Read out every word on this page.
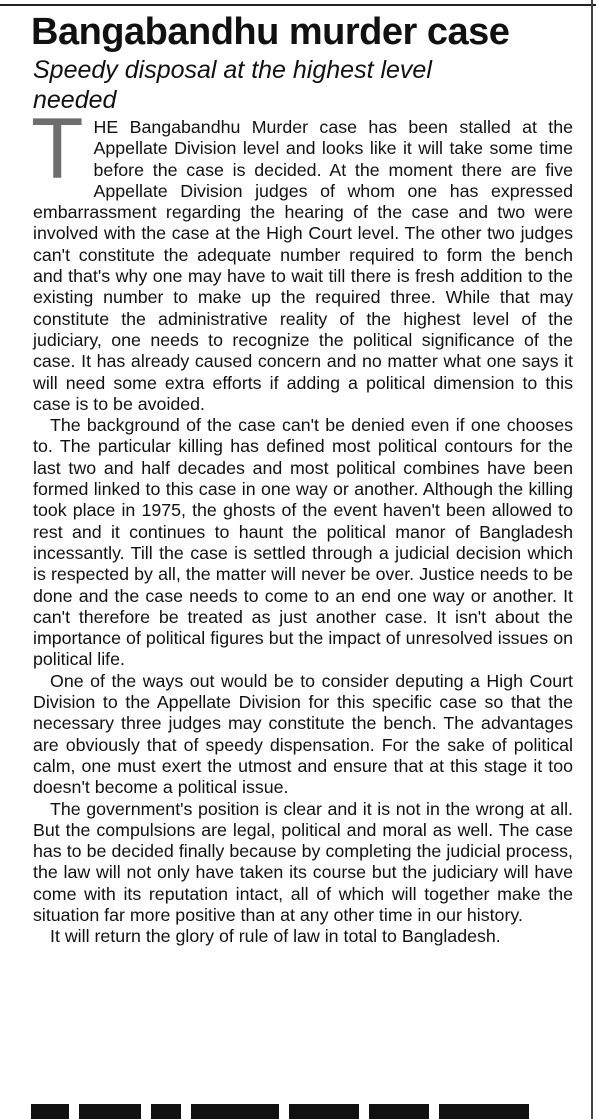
Bangabandhu murder case
Speedy disposal at the highest level needed

THE Bangabandhu Murder case has been stalled at the Appellate Division level and looks like it will take some time before the case is decided. At the moment there are five Appellate Division judges of whom one has expressed embarrassment regarding the hearing of the case and two were involved with the case at the High Court level. The other two judges can't constitute the adequate number required to form the bench and that's why one may have to wait till there is fresh addition to the existing number to make up the required three. While that may constitute the administrative reality of the highest level of the judiciary, one needs to recognize the political significance of the case. It has already caused concern and no matter what one says it will need some extra efforts if adding a political dimension to this case is to be avoided.

The background of the case can't be denied even if one chooses to. The particular killing has defined most political contours for the last two and half decades and most political combines have been formed linked to this case in one way or another. Although the killing took place in 1975, the ghosts of the event haven't been allowed to rest and it continues to haunt the political manor of Bangladesh incessantly. Till the case is settled through a judicial decision which is respected by all, the matter will never be over. Justice needs to be done and the case needs to come to an end one way or another. It can't therefore be treated as just another case. It isn't about the importance of political figures but the impact of unresolved issues on political life.

One of the ways out would be to consider deputing a High Court Division to the Appellate Division for this specific case so that the necessary three judges may constitute the bench. The advantages are obviously that of speedy dispensation. For the sake of political calm, one must exert the utmost and ensure that at this stage it too doesn't become a political issue.

The government's position is clear and it is not in the wrong at all. But the compulsions are legal, political and moral as well. The case has to be decided finally because by completing the judicial process, the law will not only have taken its course but the judiciary will have come with its reputation intact, all of which will together make the situation far more positive than at any other time in our history.

It will return the glory of rule of law in total to Bangladesh.
